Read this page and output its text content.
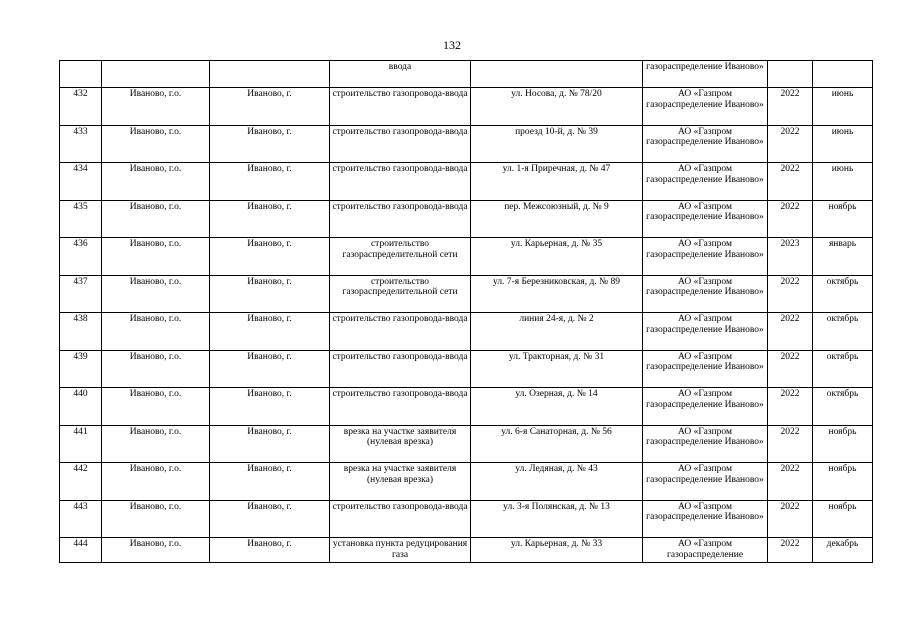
132
			ввода		газораспределение Иваново»		
432	Иваново, г.о.	Иваново, г.	строительство газопровода-ввода	ул. Носова, д. № 78/20	АО «Газпром газораспределение Иваново»	2022	июнь
433	Иваново, г.о.	Иваново, г.	строительство газопровода-ввода	проезд 10-й, д. № 39	АО «Газпром газораспределение Иваново»	2022	июнь
434	Иваново, г.о.	Иваново, г.	строительство газопровода-ввода	ул. 1-я Приречная, д. № 47	АО «Газпром газораспределение Иваново»	2022	июнь
435	Иваново, г.о.	Иваново, г.	строительство газопровода-ввода	пер. Межсоюзный, д. № 9	АО «Газпром газораспределение Иваново»	2022	ноябрь
436	Иваново, г.о.	Иваново, г.	строительство газораспределительной сети	ул. Карьерная, д. № 35	АО «Газпром газораспределение Иваново»	2023	январь
437	Иваново, г.о.	Иваново, г.	строительство газораспределительной сети	ул. 7-я Березниковская, д. № 89	АО «Газпром газораспределение Иваново»	2022	октябрь
438	Иваново, г.о.	Иваново, г.	строительство газопровода-ввода	линия 24-я, д. № 2	АО «Газпром газораспределение Иваново»	2022	октябрь
439	Иваново, г.о.	Иваново, г.	строительство газопровода-ввода	ул. Тракторная, д. № 31	АО «Газпром газораспределение Иваново»	2022	октябрь
440	Иваново, г.о.	Иваново, г.	строительство газопровода-ввода	ул. Озерная, д. № 14	АО «Газпром газораспределение Иваново»	2022	октябрь
441	Иваново, г.о.	Иваново, г.	врезка на участке заявителя (нулевая врезка)	ул. 6-я Санаторная, д. № 56	АО «Газпром газораспределение Иваново»	2022	ноябрь
442	Иваново, г.о.	Иваново, г.	врезка на участке заявителя (нулевая врезка)	ул. Ледяная, д. № 43	АО «Газпром газораспределение Иваново»	2022	ноябрь
443	Иваново, г.о.	Иваново, г.	строительство газопровода-ввода	ул. 3-я Полянская, д. № 13	АО «Газпром газораспределение Иваново»	2022	ноябрь
444	Иваново, г.о.	Иваново, г.	установка пункта редуцирования газа	ул. Карьерная, д. № 33	АО «Газпром газораспределение	2022	декабрь
